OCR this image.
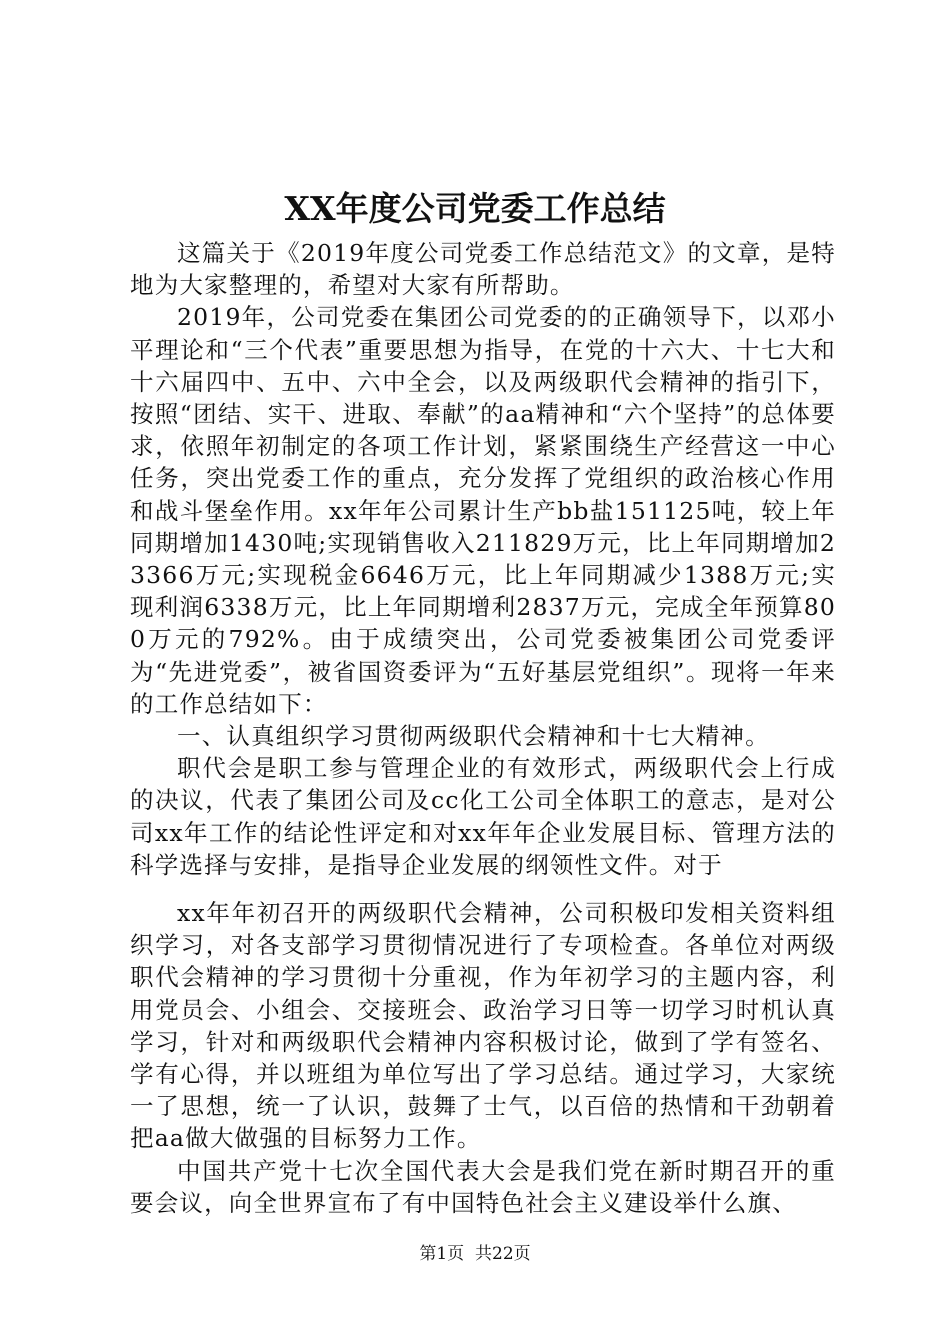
XX年度公司党委工作总结

这篇关于《2019年度公司党委工作总结范文》的文章，是特地为大家整理的，希望对大家有所帮助。

2019年，公司党委在集团公司党委的的正确领导下，以邓小平理论和“三个代表”重要思想为指导，在党的十六大、十七大和十六届四中、五中、六中全会，以及两级职代会精神的指引下，按照“团结、实干、进取、奉献”的aa精神和“六个坚持”的总体要求，依照年初制定的各项工作计划，紧紧围绕生产经营这一中心任务，突出党委工作的重点，充分发挥了党组织的政治核心作用和战斗堡垒作用。xx年年公司累计生产bb盐151125吨，较上年同期增加1430吨;实现销售收入211829万元，比上年同期增加23366万元;实现税金6646万元，比上年同期减少1388万元;实现利润6338万元，比上年同期增利2837万元，完成全年预算800万元的792%。由于成绩突出，公司党委被集团公司党委评为“先进党委”，被省国资委评为“五好基层党组织”。现将一年来的工作总结如下：

一、认真组织学习贯彻两级职代会精神和十七大精神。

职代会是职工参与管理企业的有效形式，两级职代会上行成的决议，代表了集团公司及cc化工公司全体职工的意志，是对公司xx年工作的结论性评定和对xx年年企业发展目标、管理方法的科学选择与安排，是指导企业发展的纲领性文件。对于

xx年年初召开的两级职代会精神，公司积极印发相关资料组织学习，对各支部学习贯彻情况进行了专项检查。各单位对两级职代会精神的学习贯彻十分重视，作为年初学习的主题内容，利用党员会、小组会、交接班会、政治学习日等一切学习时机认真学习，针对和两级职代会精神内容积极讨论，做到了学有签名、学有心得，并以班组为单位写出了学习总结。通过学习，大家统一了思想，统一了认识，鼓舞了士气，以百倍的热情和干劲朝着把aa做大做强的目标努力工作。

中国共产党十七次全国代表大会是我们党在新时期召开的重要会议，向全世界宣布了有中国特色社会主义建设举什么旗、

第1页 共22页
